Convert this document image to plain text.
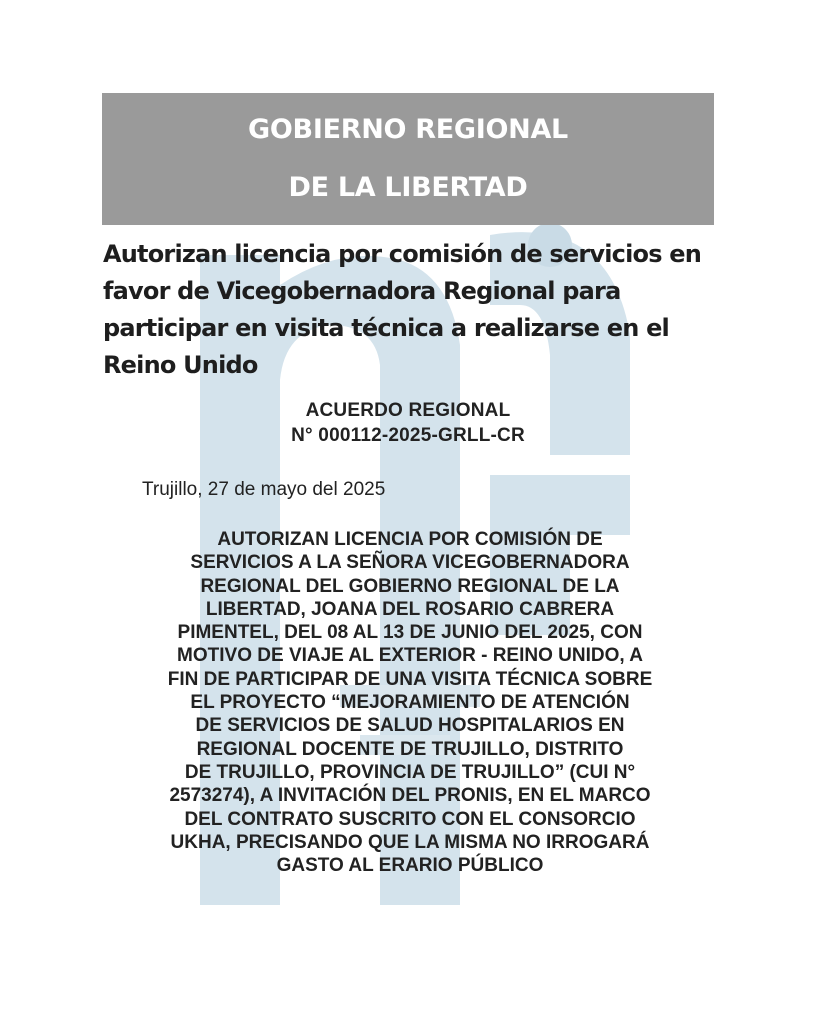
GOBIERNO REGIONAL
DE LA LIBERTAD
Autorizan licencia por comisión de servicios en favor de Vicegobernadora Regional para participar en visita técnica a realizarse en el Reino Unido
ACUERDO REGIONAL
N° 000112-2025-GRLL-CR
Trujillo, 27 de mayo del 2025
AUTORIZAN LICENCIA POR COMISIÓN DE
SERVICIOS A LA SEÑORA VICEGOBERNADORA
REGIONAL DEL GOBIERNO REGIONAL DE LA
LIBERTAD, JOANA DEL ROSARIO CABRERA
PIMENTEL, DEL 08 AL 13 DE JUNIO DEL 2025, CON
MOTIVO DE VIAJE AL EXTERIOR - REINO UNIDO, A
FIN DE PARTICIPAR DE UNA VISITA TÉCNICA SOBRE
EL PROYECTO “MEJORAMIENTO DE ATENCIÓN
DE SERVICIOS DE SALUD HOSPITALARIOS EN
REGIONAL DOCENTE DE TRUJILLO, DISTRITO
DE TRUJILLO, PROVINCIA DE TRUJILLO” (CUI N°
2573274), A INVITACIÓN DEL PRONIS, EN EL MARCO
DEL CONTRATO SUSCRITO CON EL CONSORCIO
UKHA, PRECISANDO QUE LA MISMA NO IRROGARÁ
GASTO AL ERARIO PÚBLICO
